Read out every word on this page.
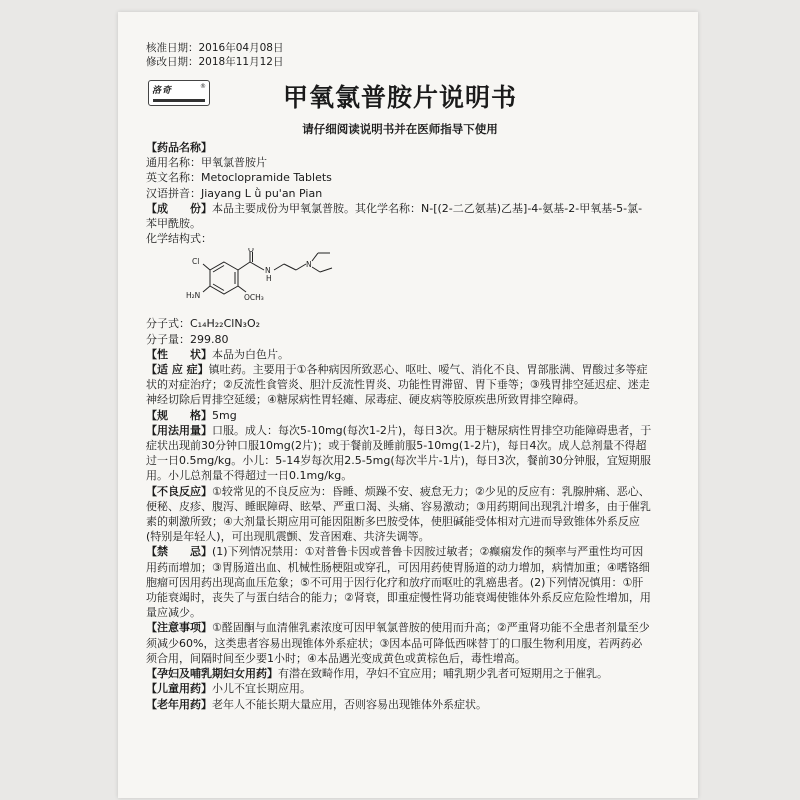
核准日期：2016年04月08日
修改日期：2018年11月12日
洛奇	®	甲氧氯普胺片说明书
请仔细阅读说明书并在医师指导下使用

【药品名称】

通用名称：甲氧氯普胺片

英文名称：Metoclopramide Tablets

汉语拼音：Jiayang L ǜ pu'an Pian

【成　　份】本品主要成份为甲氧氯普胺。其化学名称：N-[(2-二乙氨基)乙基]-4-氨基-2-甲氧基-5-氯-苯甲酰胺。

化学结构式：

Cl
H₂N	OCH₃
O
N
H
N

分子式：C₁₄H₂₂ClN₃O₂

分子量：299.80

【性　　状】本品为白色片。

【适 应 症】镇吐药。主要用于①各种病因所致恶心、呕吐、嗳气、消化不良、胃部胀满、胃酸过多等症状的对症治疗；②反流性食管炎、胆汁反流性胃炎、功能性胃滞留、胃下垂等；③残胃排空延迟症、迷走神经切除后胃排空延缓；④糖尿病性胃轻瘫、尿毒症、硬皮病等胶原疾患所致胃排空障碍。

【规　　格】5mg

【用法用量】口服。成人：每次5-10mg(每次1-2片)，每日3次。用于糖尿病性胃排空功能障碍患者，于症状出现前30分钟口服10mg(2片)；或于餐前及睡前服5-10mg(1-2片)，每日4次。成人总剂量不得超过一日0.5mg/kg。小儿：5-14岁每次用2.5-5mg(每次半片-1片)，每日3次，餐前30分钟服，宜短期服用。小儿总剂量不得超过一日0.1mg/kg。

【不良反应】①较常见的不良反应为：昏睡、烦躁不安、疲怠无力；②少见的反应有：乳腺肿痛、恶心、便秘、皮疹、腹泻、睡眠障碍、眩晕、严重口渴、头痛、容易激动；③用药期间出现乳汁增多，由于催乳素的刺激所致；④大剂量长期应用可能因阻断多巴胺受体，使胆碱能受体相对亢进而导致锥体外系反应(特别是年轻人)，可出现肌震颤、发音困难、共济失调等。

【禁　　忌】(1)下列情况禁用：①对普鲁卡因或普鲁卡因胺过敏者；②癫痫发作的频率与严重性均可因用药而增加；③胃肠道出血、机械性肠梗阻或穿孔，可因用药使胃肠道的动力增加，病情加重；④嗜铬细胞瘤可因用药出现高血压危象；⑤不可用于因行化疗和放疗而呕吐的乳癌患者。(2)下列情况慎用：①肝功能衰竭时，丧失了与蛋白结合的能力；②肾衰，即重症慢性肾功能衰竭使锥体外系反应危险性增加，用量应减少。

【注意事项】①醛固酮与血清催乳素浓度可因甲氧氯普胺的使用而升高；②严重肾功能不全患者剂量至少须减少60%，这类患者容易出现锥体外系症状；③因本品可降低西咪替丁的口服生物利用度，若两药必须合用，间隔时间至少要1小时；④本品遇光变成黄色或黄棕色后，毒性增高。

【孕妇及哺乳期妇女用药】有潜在致畸作用，孕妇不宜应用；哺乳期少乳者可短期用之于催乳。

【儿童用药】小儿不宜长期应用。

【老年用药】老年人不能长期大量应用，否则容易出现锥体外系症状。
